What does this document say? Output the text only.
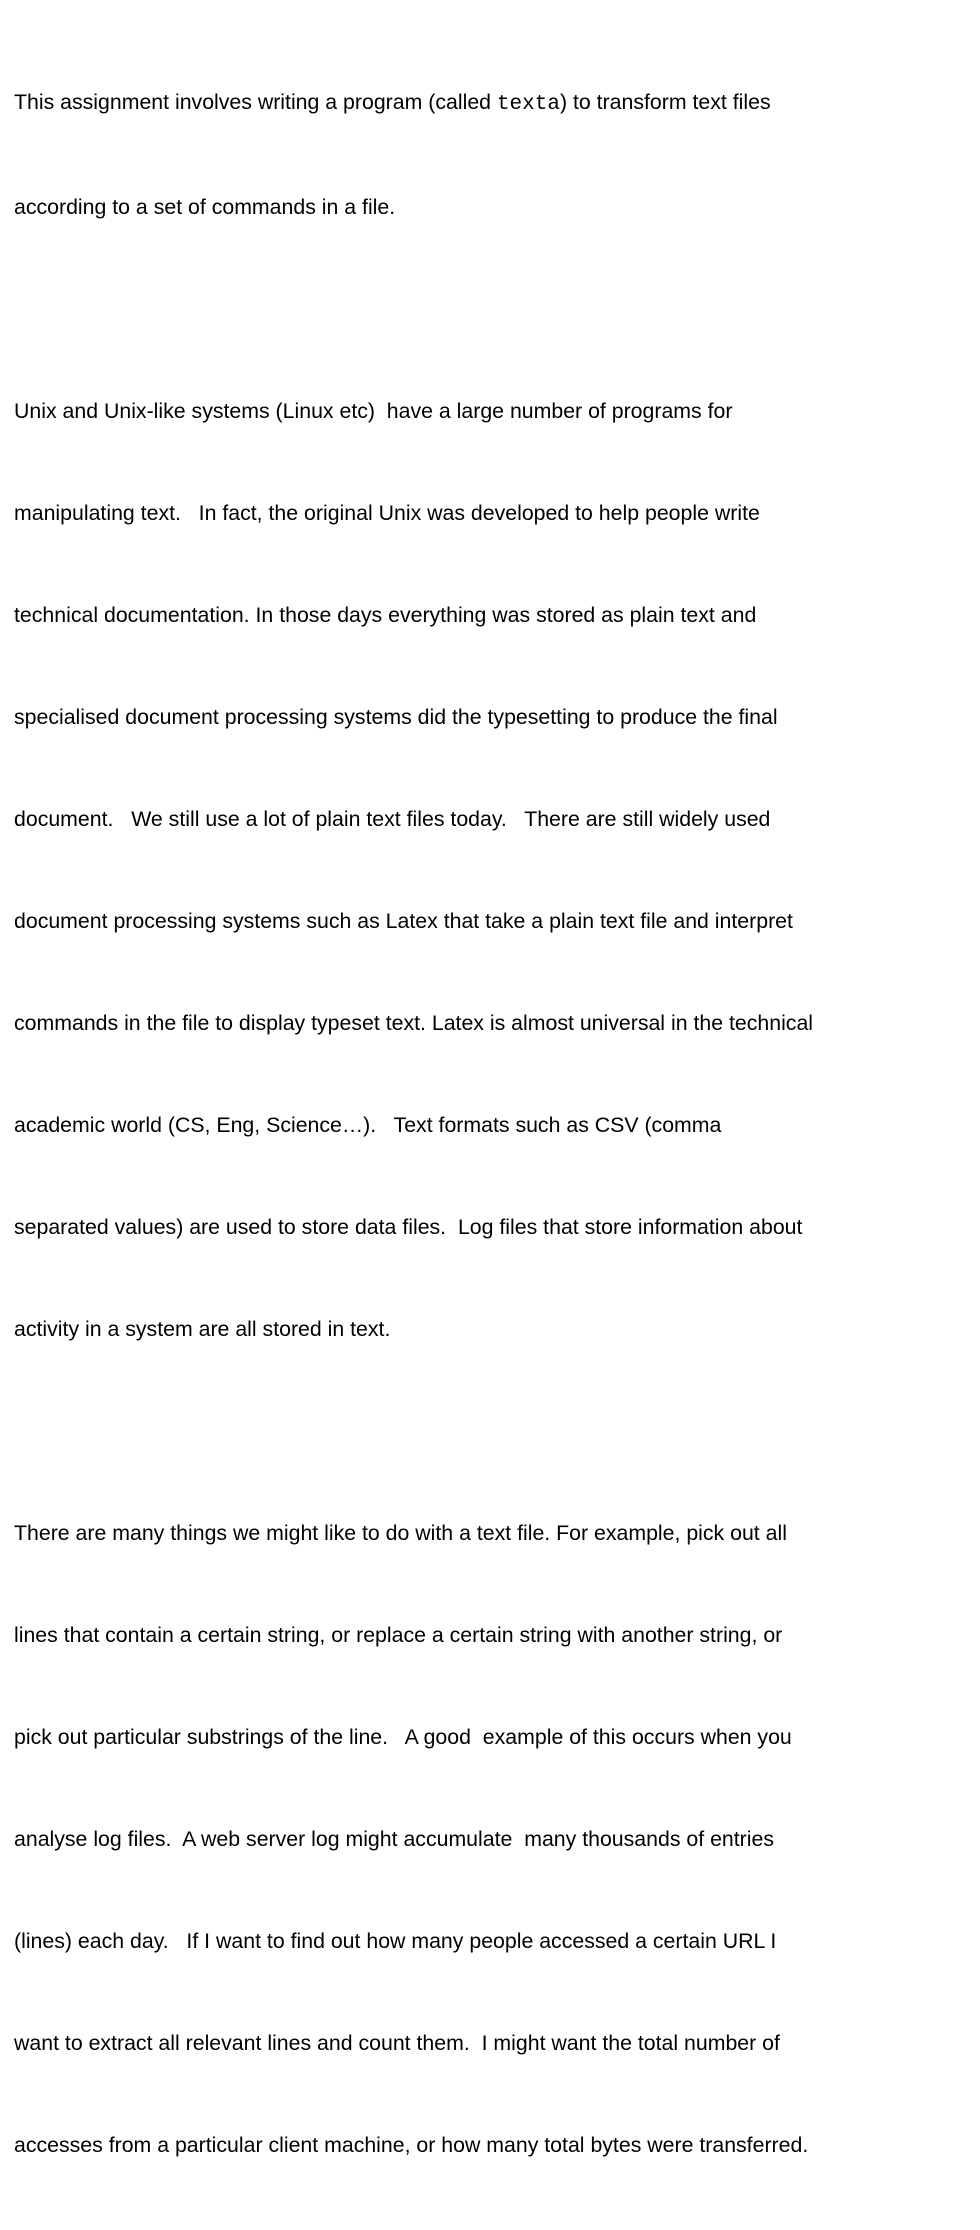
This assignment involves writing a program (called texta) to transform text files

according to a set of commands in a file.

Unix and Unix-like systems (Linux etc)  have a large number of programs for

manipulating text.   In fact, the original Unix was developed to help people write

technical documentation. In those days everything was stored as plain text and

specialised document processing systems did the typesetting to produce the final

document.   We still use a lot of plain text files today.   There are still widely used

document processing systems such as Latex that take a plain text file and interpret

commands in the file to display typeset text. Latex is almost universal in the technical

academic world (CS, Eng, Science…).   Text formats such as CSV (comma

separated values) are used to store data files.  Log files that store information about

activity in a system are all stored in text.

There are many things we might like to do with a text file. For example, pick out all

lines that contain a certain string, or replace a certain string with another string, or

pick out particular substrings of the line.   A good  example of this occurs when you

analyse log files.  A web server log might accumulate  many thousands of entries

(lines) each day.   If I want to find out how many people accessed a certain URL I

want to extract all relevant lines and count them.  I might want the total number of

accesses from a particular client machine, or how many total bytes were transferred.
